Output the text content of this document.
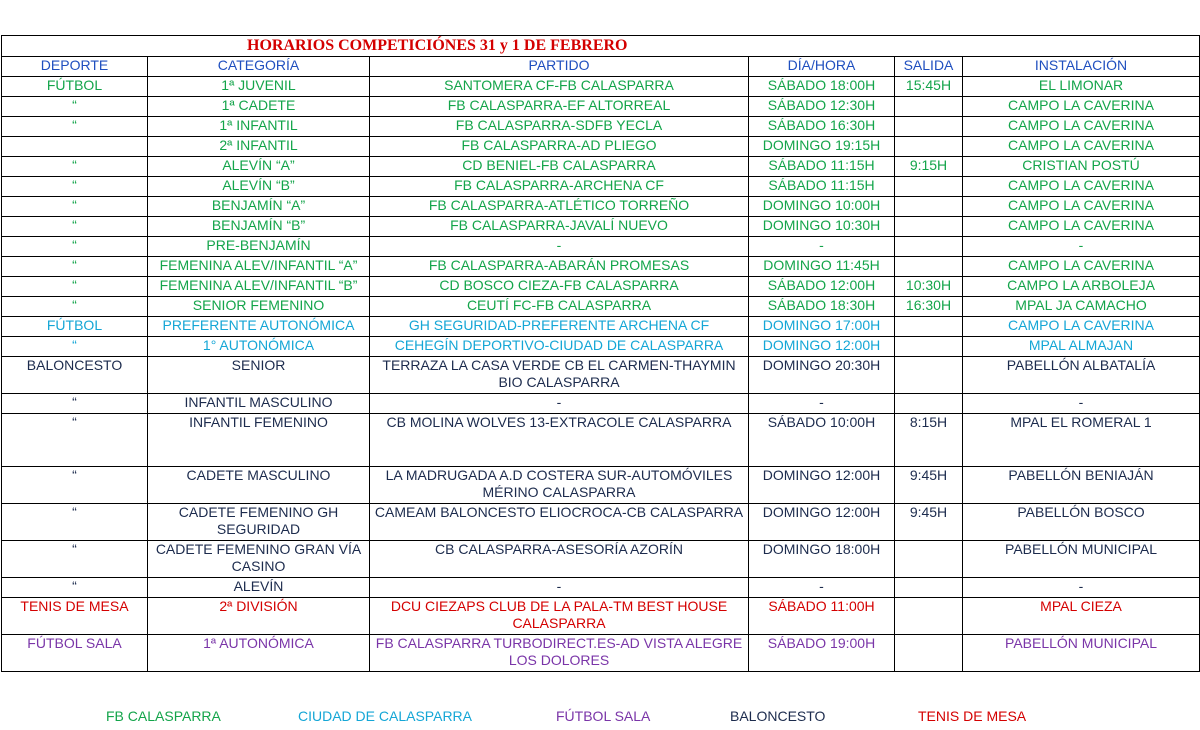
HORARIOS COMPETICIÓNES 31 y 1 DE FEBRERO					
DEPORTE	CATEGORÍA	PARTIDO	DÍA/HORA	SALIDA	INSTALACIÓN
FÚTBOL	1ª JUVENIL	SANTOMERA CF-FB CALASPARRA	SÁBADO 18:00H	15:45H	EL LIMONAR
“	1ª CADETE	FB CALASPARRA-EF ALTORREAL	SÁBADO 12:30H		CAMPO LA CAVERINA
“	1ª INFANTIL	FB CALASPARRA-SDFB YECLA	SÁBADO 16:30H		CAMPO LA CAVERINA
	2ª INFANTIL	FB CALASPARRA-AD PLIEGO	DOMINGO 19:15H		CAMPO LA CAVERINA
“	ALEVÍN “A”	CD BENIEL-FB CALASPARRA	SÁBADO 11:15H	9:15H	CRISTIAN POSTÚ
“	ALEVÍN “B”	FB CALASPARRA-ARCHENA CF	SÁBADO 11:15H		CAMPO LA CAVERINA
“	BENJAMÍN “A”	FB CALASPARRA-ATLÉTICO TORREÑO	DOMINGO 10:00H		CAMPO LA CAVERINA
“	BENJAMÍN “B”	FB CALASPARRA-JAVALÍ NUEVO	DOMINGO 10:30H		CAMPO LA CAVERINA
“	PRE-BENJAMÍN	-	-		-
“	FEMENINA ALEV/INFANTIL “A”	FB CALASPARRA-ABARÁN PROMESAS	DOMINGO 11:45H		CAMPO LA CAVERINA
“	FEMENINA ALEV/INFANTIL “B”	CD BOSCO CIEZA-FB CALASPARRA	SÁBADO 12:00H	10:30H	CAMPO LA ARBOLEJA
“	SENIOR FEMENINO	CEUTÍ FC-FB CALASPARRA	SÁBADO 18:30H	16:30H	MPAL JA CAMACHO
FÚTBOL	PREFERENTE AUTONÓMICA	GH SEGURIDAD-PREFERENTE ARCHENA CF	DOMINGO 17:00H		CAMPO LA CAVERINA
“	1° AUTONÓMICA	CEHEGÍN DEPORTIVO-CIUDAD DE CALASPARRA	DOMINGO 12:00H		MPAL ALMAJAN
BALONCESTO	SENIOR	TERRAZA LA CASA VERDE CB EL CARMEN-THAYMIN BIO CALASPARRA	DOMINGO 20:30H		PABELLÓN ALBATALÍA
“	INFANTIL MASCULINO	-	-		-
“	INFANTIL FEMENINO	CB MOLINA WOLVES 13-EXTRACOLE CALASPARRA	SÁBADO 10:00H	8:15H	MPAL EL ROMERAL 1
“	CADETE MASCULINO	LA MADRUGADA A.D COSTERA SUR-AUTOMÓVILES MÉRINO CALASPARRA	DOMINGO 12:00H	9:45H	PABELLÓN BENIAJÁN
“	CADETE FEMENINO GH SEGURIDAD	CAMEAM BALONCESTO ELIOCROCA-CB CALASPARRA	DOMINGO 12:00H	9:45H	PABELLÓN BOSCO
“	CADETE FEMENINO GRAN VÍA CASINO	CB CALASPARRA-ASESORÍA AZORÍN	DOMINGO 18:00H		PABELLÓN MUNICIPAL
“	ALEVÍN	-	-		-
TENIS DE MESA	2ª DIVISIÓN	DCU CIEZAPS CLUB DE LA PALA-TM BEST HOUSE CALASPARRA	SÁBADO 11:00H		MPAL CIEZA
FÚTBOL SALA	1ª AUTONÓMICA	FB CALASPARRA TURBODIRECT.ES-AD VISTA ALEGRE LOS DOLORES	SÁBADO 19:00H		PABELLÓN MUNICIPAL
FB CALASPARRA	CIUDAD DE CALASPARRA	FÚTBOL SALA	BALONCESTO	TENIS DE MESA
